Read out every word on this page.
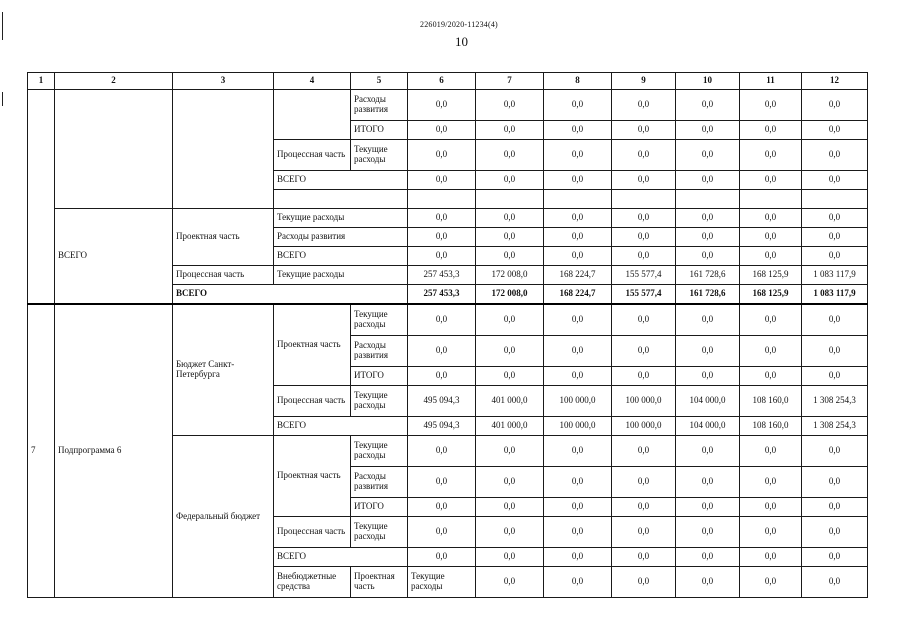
226019/2020-11234(4)
10
1	2	3	4	5	6	7	8	9	10	11	12	
				Расходы развития	0,0	0,0	0,0	0,0	0,0	0,0	0,0	
				ИТОГО	0,0	0,0	0,0	0,0	0,0	0,0	0,0	
			Процессная часть	Текущие расходы	0,0	0,0	0,0	0,0	0,0	0,0	0,0	
			ВСЕГО		0,0	0,0	0,0	0,0	0,0	0,0	0,0	

	ВСЕГО	Проектная часть	Текущие расходы		0,0	0,0	0,0	0,0	0,0	0,0	0,0	
			Расходы развития		0,0	0,0	0,0	0,0	0,0	0,0	0,0	
			ВСЕГО		0,0	0,0	0,0	0,0	0,0	0,0	0,0	
		Процессная часть	Текущие расходы		257 453,3	172 008,0	168 224,7	155 577,4	161 728,6	168 125,9	1 083 117,9	
		ВСЕГО			257 453,3	172 008,0	168 224,7	155 577,4	161 728,6	168 125,9	1 083 117,9	
7	Подпрограмма 6	Бюджет Санкт-Петербурга	Проектная часть	Текущие расходы	0,0	0,0	0,0	0,0	0,0	0,0	0,0	
				Расходы развития	0,0	0,0	0,0	0,0	0,0	0,0	0,0	
				ИТОГО	0,0	0,0	0,0	0,0	0,0	0,0	0,0	
			Процессная часть	Текущие расходы	495 094,3	401 000,0	100 000,0	100 000,0	104 000,0	108 160,0	1 308 254,3	
			ВСЕГО		495 094,3	401 000,0	100 000,0	100 000,0	104 000,0	108 160,0	1 308 254,3	
		Федеральный бюджет	Проектная часть	Текущие расходы	0,0	0,0	0,0	0,0	0,0	0,0	0,0	
				Расходы развития	0,0	0,0	0,0	0,0	0,0	0,0	0,0	
				ИТОГО	0,0	0,0	0,0	0,0	0,0	0,0	0,0	
			Процессная часть	Текущие расходы	0,0	0,0	0,0	0,0	0,0	0,0	0,0	
			ВСЕГО		0,0	0,0	0,0	0,0	0,0	0,0	0,0	
			Внебюджетные средства	Проектная часть	Текущие расходы	0,0	0,0	0,0	0,0	0,0	0,0	
